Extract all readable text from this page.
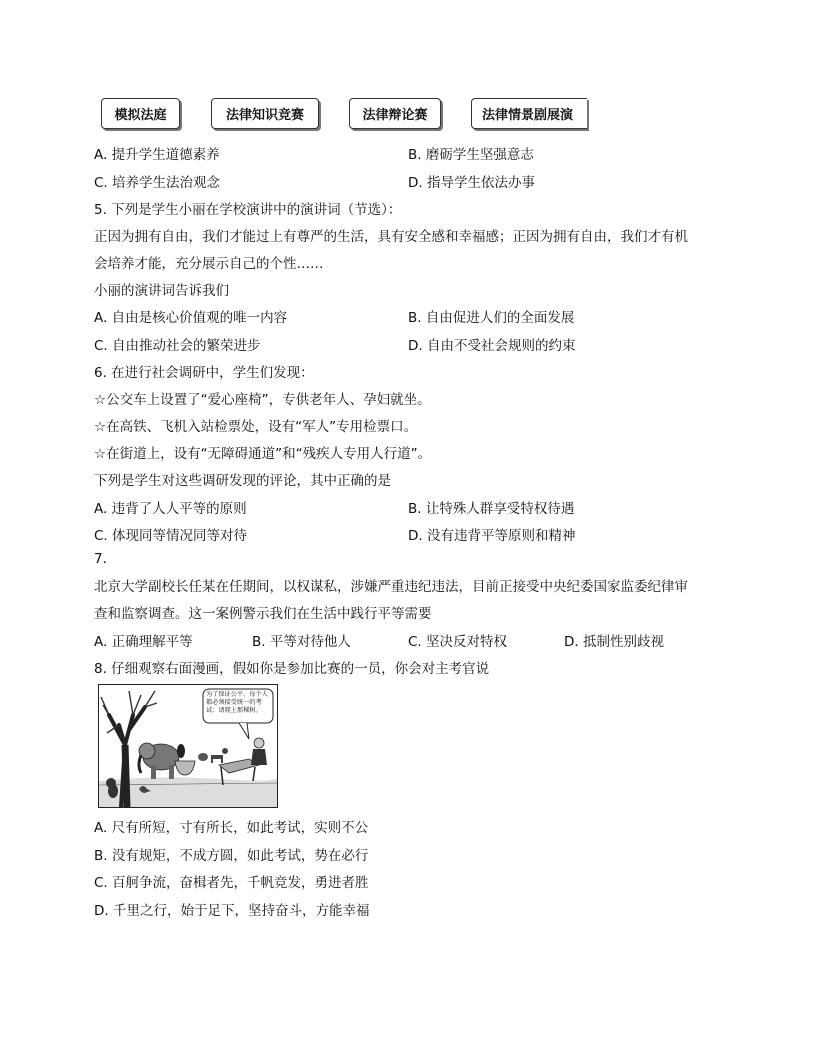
模拟法庭	法律知识竞赛	法律辩论赛	法律情景剧展演
A. 提升学生道德素养	B. 磨砺学生坚强意志
C. 培养学生法治观念	D. 指导学生依法办事
5. 下列是学生小丽在学校演讲中的演讲词（节选）：
正因为拥有自由，我们才能过上有尊严的生活，具有安全感和幸福感；正因为拥有自由，我们才有机
会培养才能，充分展示自己的个性……
小丽的演讲词告诉我们
A. 自由是核心价值观的唯一内容	B. 自由促进人们的全面发展
C. 自由推动社会的繁荣进步	D. 自由不受社会规则的约束
6. 在进行社会调研中，学生们发现：
☆公交车上设置了“爱心座椅”，专供老年人、孕妇就坐。
☆在高铁、飞机入站检票处，设有“军人”专用检票口。
☆在街道上，设有“无障碍通道”和“残疾人专用人行道”。
下列是学生对这些调研发现的评论，其中正确的是
A. 违背了人人平等的原则	B. 让特殊人群享受特权待遇
C. 体现同等情况同等对待	D. 没有违背平等原则和精神
7.
北京大学副校长任某在任期间，以权谋私，涉嫌严重违纪违法，目前正接受中央纪委国家监委纪律审
查和监察调查。这一案例警示我们在生活中践行平等需要
A. 正确理解平等	B. 平等对待他人	C. 坚决反对特权	D. 抵制性别歧视
8. 仔细观察右面漫画，假如你是参加比赛的一员，你会对主考官说
为了保证公平，每个人都必须接受统一的考试：请爬上那棵树。
A. 尺有所短，寸有所长，如此考试，实则不公
B. 没有规矩，不成方圆，如此考试，势在必行
C. 百舸争流，奋楫者先，千帆竞发，勇进者胜
D. 千里之行，始于足下，坚持奋斗，方能幸福
